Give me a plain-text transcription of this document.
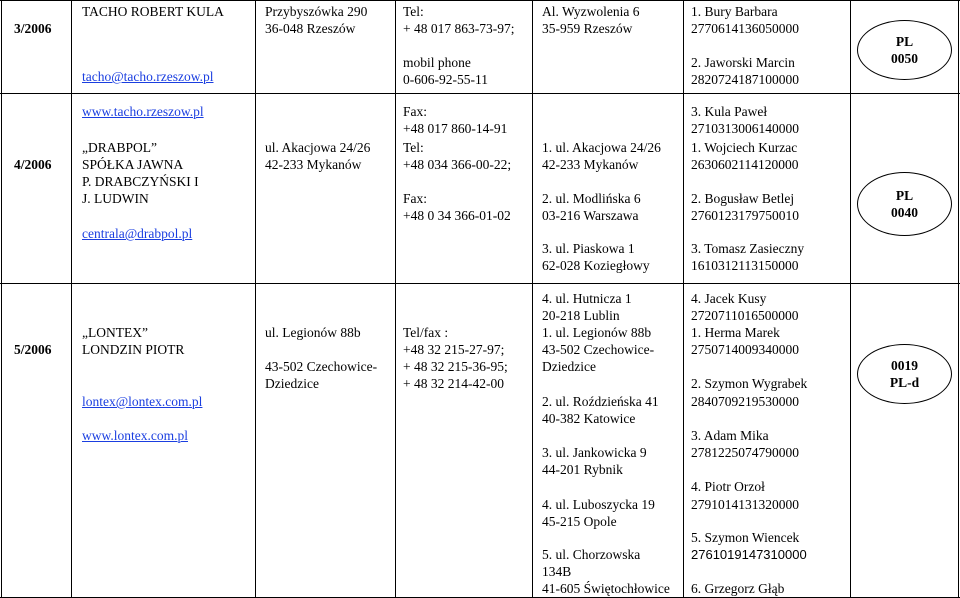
3/2006
TACHO ROBERT KULA
tacho@tacho.rzeszow.pl
Przybyszówka 290
36-048 Rzeszów
Tel:
+ 48 017 863-73-97;
mobil phone
0-606-92-55-11
Al. Wyzwolenia 6
35-959 Rzeszów
1. Bury Barbara
2770614136050000
2. Jaworski Marcin
2820724187100000
PL
0050
4/2006
www.tacho.rzeszow.pl
„DRABPOL”
SPÓŁKA JAWNA
P. DRABCZYŃSKI I
J. LUDWIN
centrala@drabpol.pl
ul. Akacjowa 24/26
42-233 Mykanów
Fax:
+48 017 860-14-91
Tel:
+48 034 366-00-22;
Fax:
+48 0 34 366-01-02
1. ul. Akacjowa 24/26
42-233 Mykanów
2. ul. Modlińska 6
03-216 Warszawa
3. ul. Piaskowa 1
62-028 Koziegłowy
3. Kula Paweł
2710313006140000
1. Wojciech Kurzac
2630602114120000
2. Bogusław Betlej
2760123179750010
3. Tomasz Zasieczny
1610312113150000
PL
0040
5/2006
„LONTEX”
LONDZIN PIOTR
lontex@lontex.com.pl
www.lontex.com.pl
ul. Legionów 88b
43-502 Czechowice-
Dziedzice
Tel/fax :
+48 32 215-27-97;
+ 48 32 215-36-95;
+ 48 32 214-42-00
4. ul. Hutnicza 1
20-218 Lublin
1. ul. Legionów 88b
43-502 Czechowice-
Dziedzice
2. ul. Roździeńska 41
40-382 Katowice
3. ul. Jankowicka 9
44-201 Rybnik
4. ul. Luboszycka 19
45-215 Opole
5. ul. Chorzowska
134B
41-605 Świętochłowice
4. Jacek Kusy
2720711016500000
1. Herma Marek
2750714009340000
2. Szymon Wygrabek
2840709219530000
3. Adam Mika
2781225074790000
4. Piotr Orzoł
2791014131320000
5. Szymon Wiencek
2761019147310000
6. Grzegorz Głąb
0019
PL-d
